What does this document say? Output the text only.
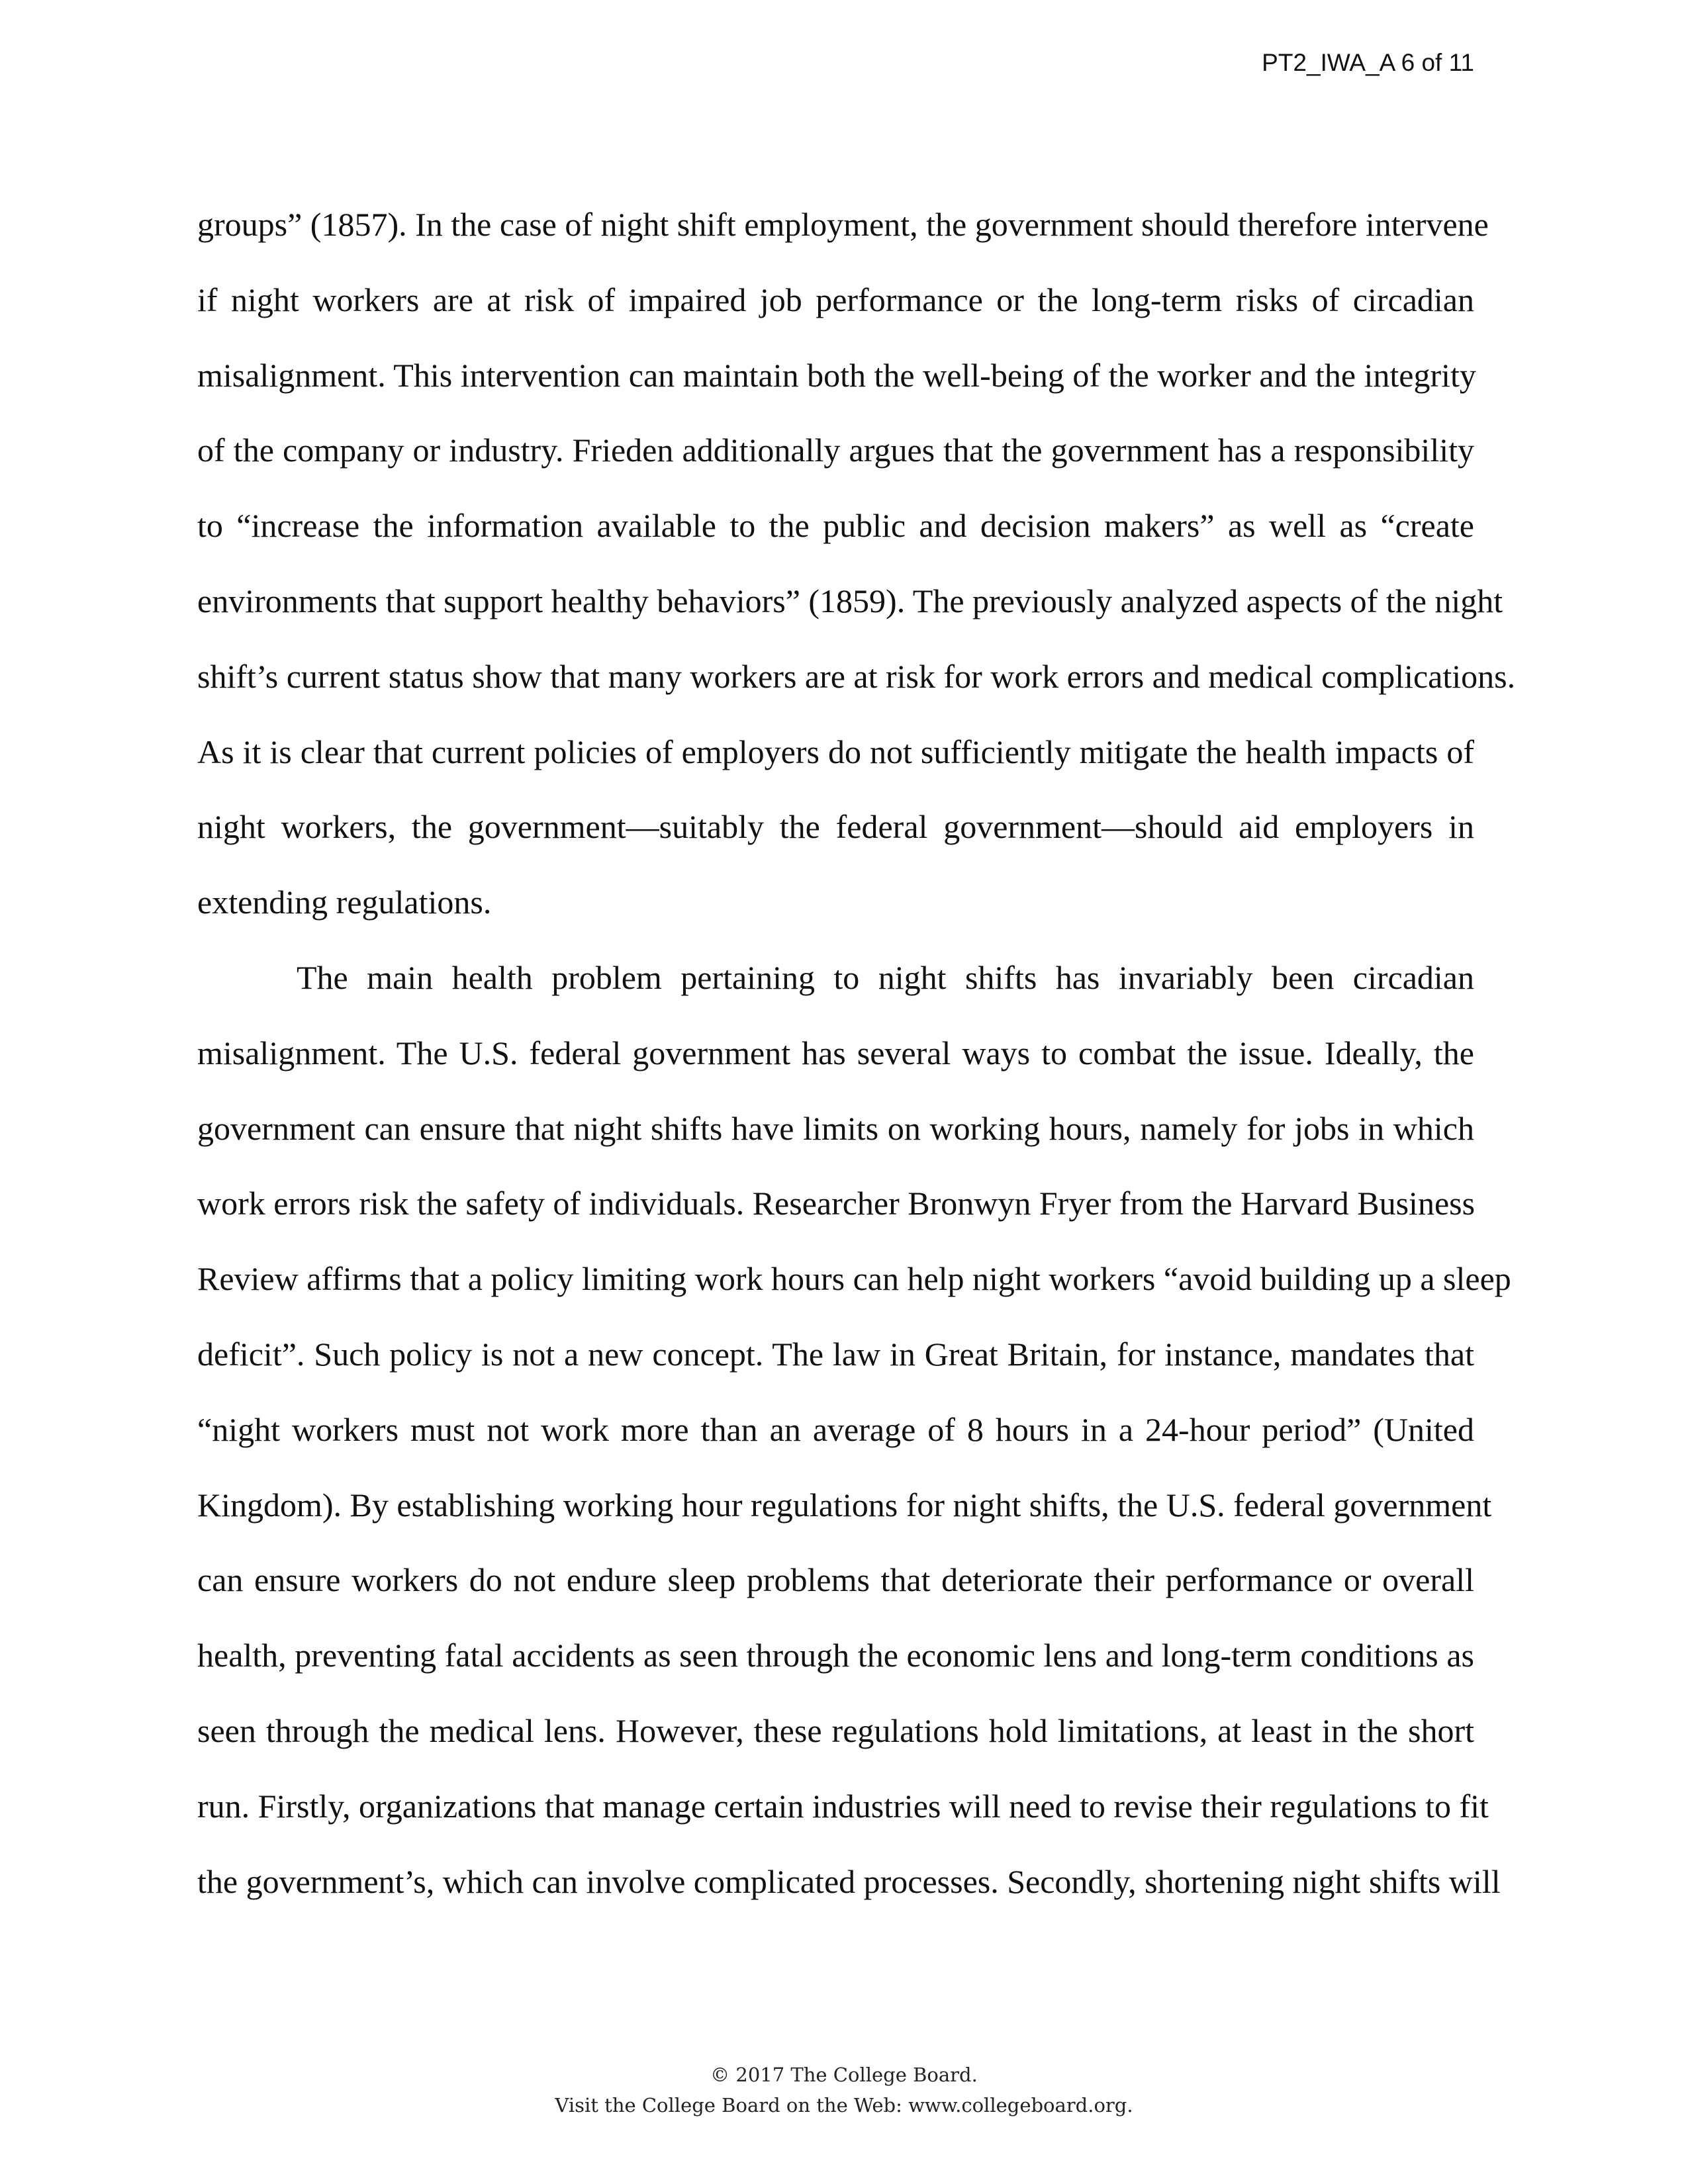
PT2_IWA_A 6 of 11
groups” (1857). In the case of night shift employment, the government should therefore intervene
if night workers are at risk of impaired job performance or the long-term risks of circadian
misalignment. This intervention can maintain both the well-being of the worker and the integrity
of the company or industry. Frieden additionally argues that the government has a responsibility
to “increase the information available to the public and decision makers” as well as “create
environments that support healthy behaviors” (1859). The previously analyzed aspects of the night
shift’s current status show that many workers are at risk for work errors and medical complications.
As it is clear that current policies of employers do not sufficiently mitigate the health impacts of
night workers, the government—suitably the federal government—should aid employers in
extending regulations.
The main health problem pertaining to night shifts has invariably been circadian
misalignment. The U.S. federal government has several ways to combat the issue. Ideally, the
government can ensure that night shifts have limits on working hours, namely for jobs in which
work errors risk the safety of individuals. Researcher Bronwyn Fryer from the Harvard Business
Review affirms that a policy limiting work hours can help night workers “avoid building up a sleep
deficit”. Such policy is not a new concept. The law in Great Britain, for instance, mandates that
“night workers must not work more than an average of 8 hours in a 24-hour period” (United
Kingdom). By establishing working hour regulations for night shifts, the U.S. federal government
can ensure workers do not endure sleep problems that deteriorate their performance or overall
health, preventing fatal accidents as seen through the economic lens and long-term conditions as
seen through the medical lens. However, these regulations hold limitations, at least in the short
run. Firstly, organizations that manage certain industries will need to revise their regulations to fit
the government’s, which can involve complicated processes. Secondly, shortening night shifts will
© 2017 The College Board.
Visit the College Board on the Web: www.collegeboard.org.
